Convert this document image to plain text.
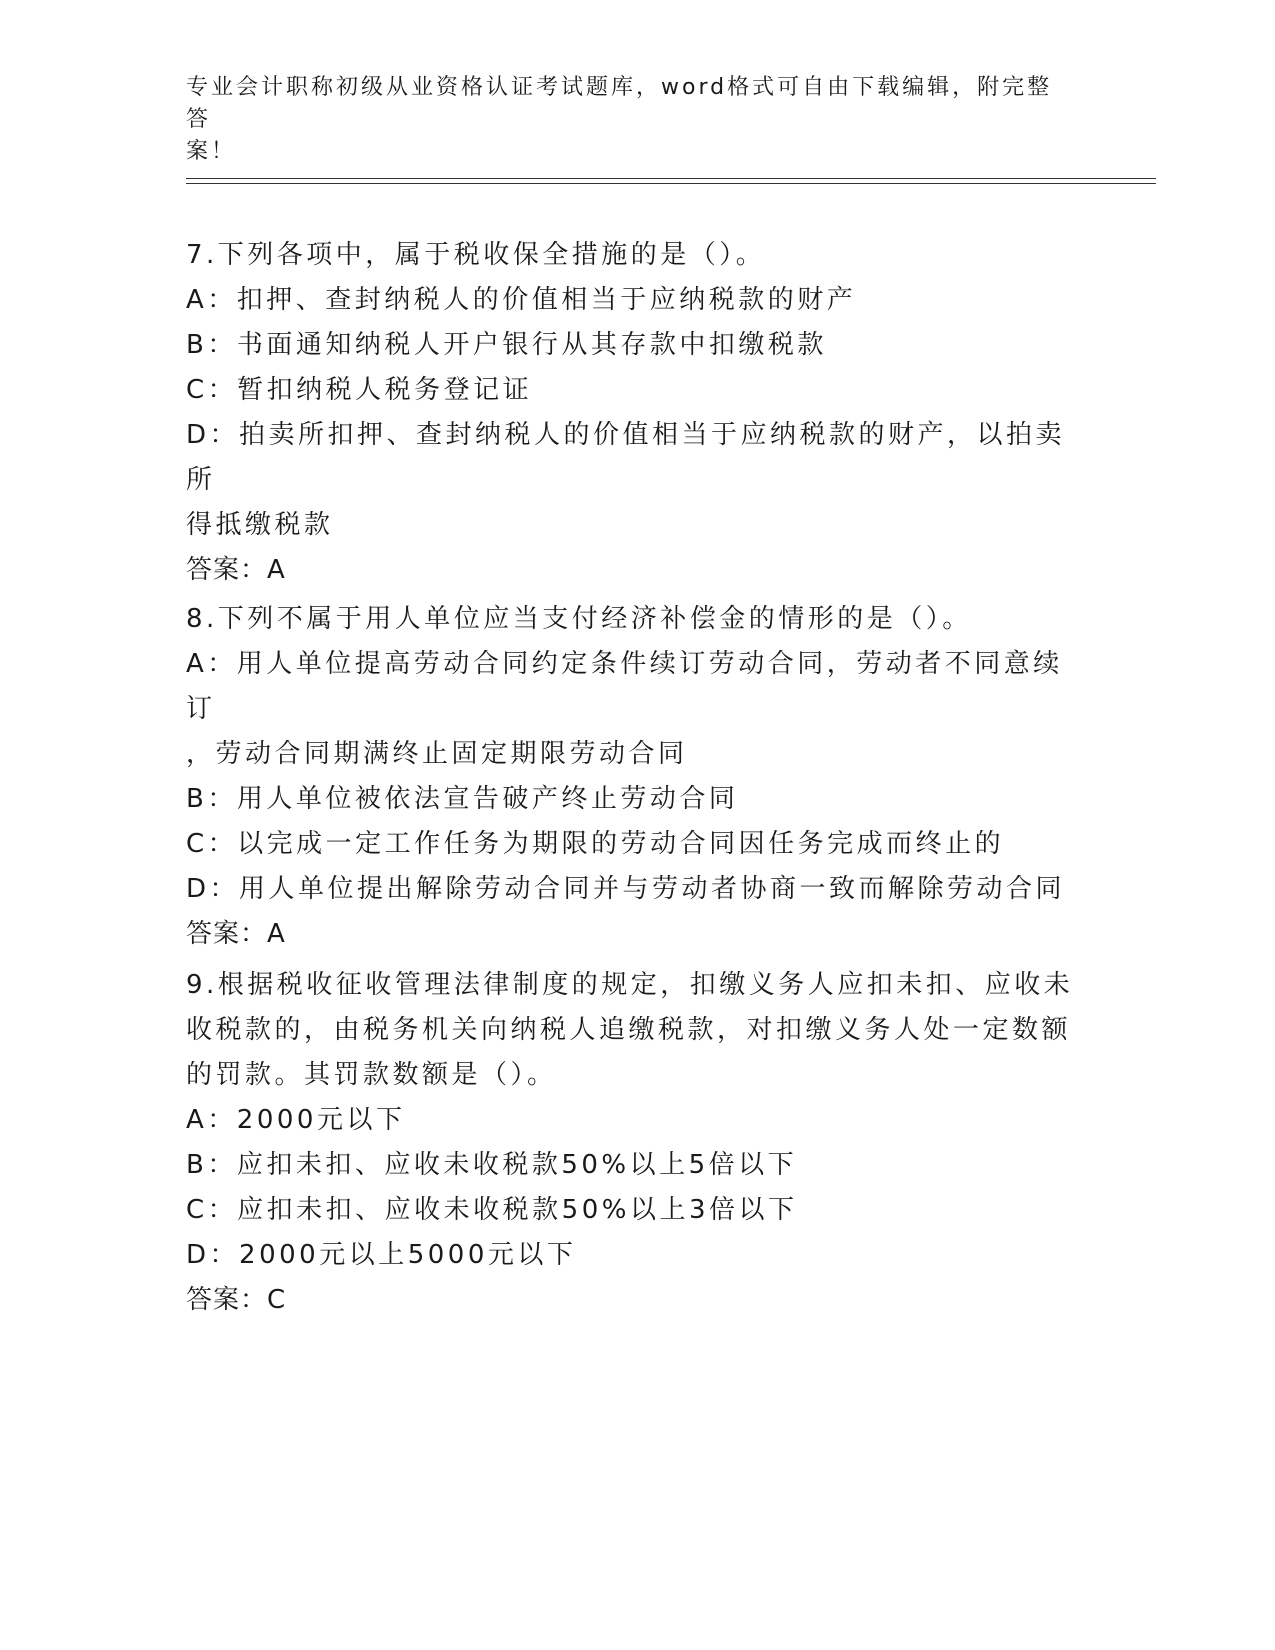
专业会计职称初级从业资格认证考试题库，word格式可自由下载编辑，附完整答
案！

7.下列各项中，属于税收保全措施的是（）。

A：扣押、查封纳税人的价值相当于应纳税款的财产

B：书面通知纳税人开户银行从其存款中扣缴税款

C：暂扣纳税人税务登记证

D：拍卖所扣押、查封纳税人的价值相当于应纳税款的财产，以拍卖所

得抵缴税款

答案：A

8.下列不属于用人单位应当支付经济补偿金的情形的是（）。

A：用人单位提高劳动合同约定条件续订劳动合同，劳动者不同意续订

，劳动合同期满终止固定期限劳动合同

B：用人单位被依法宣告破产终止劳动合同

C：以完成一定工作任务为期限的劳动合同因任务完成而终止的

D：用人单位提出解除劳动合同并与劳动者协商一致而解除劳动合同

答案：A

9.根据税收征收管理法律制度的规定，扣缴义务人应扣未扣、应收未

收税款的，由税务机关向纳税人追缴税款，对扣缴义务人处一定数额

的罚款。其罚款数额是（）。

A：2000元以下

B：应扣未扣、应收未收税款50%以上5倍以下

C：应扣未扣、应收未收税款50%以上3倍以下

D：2000元以上5000元以下

答案：C
